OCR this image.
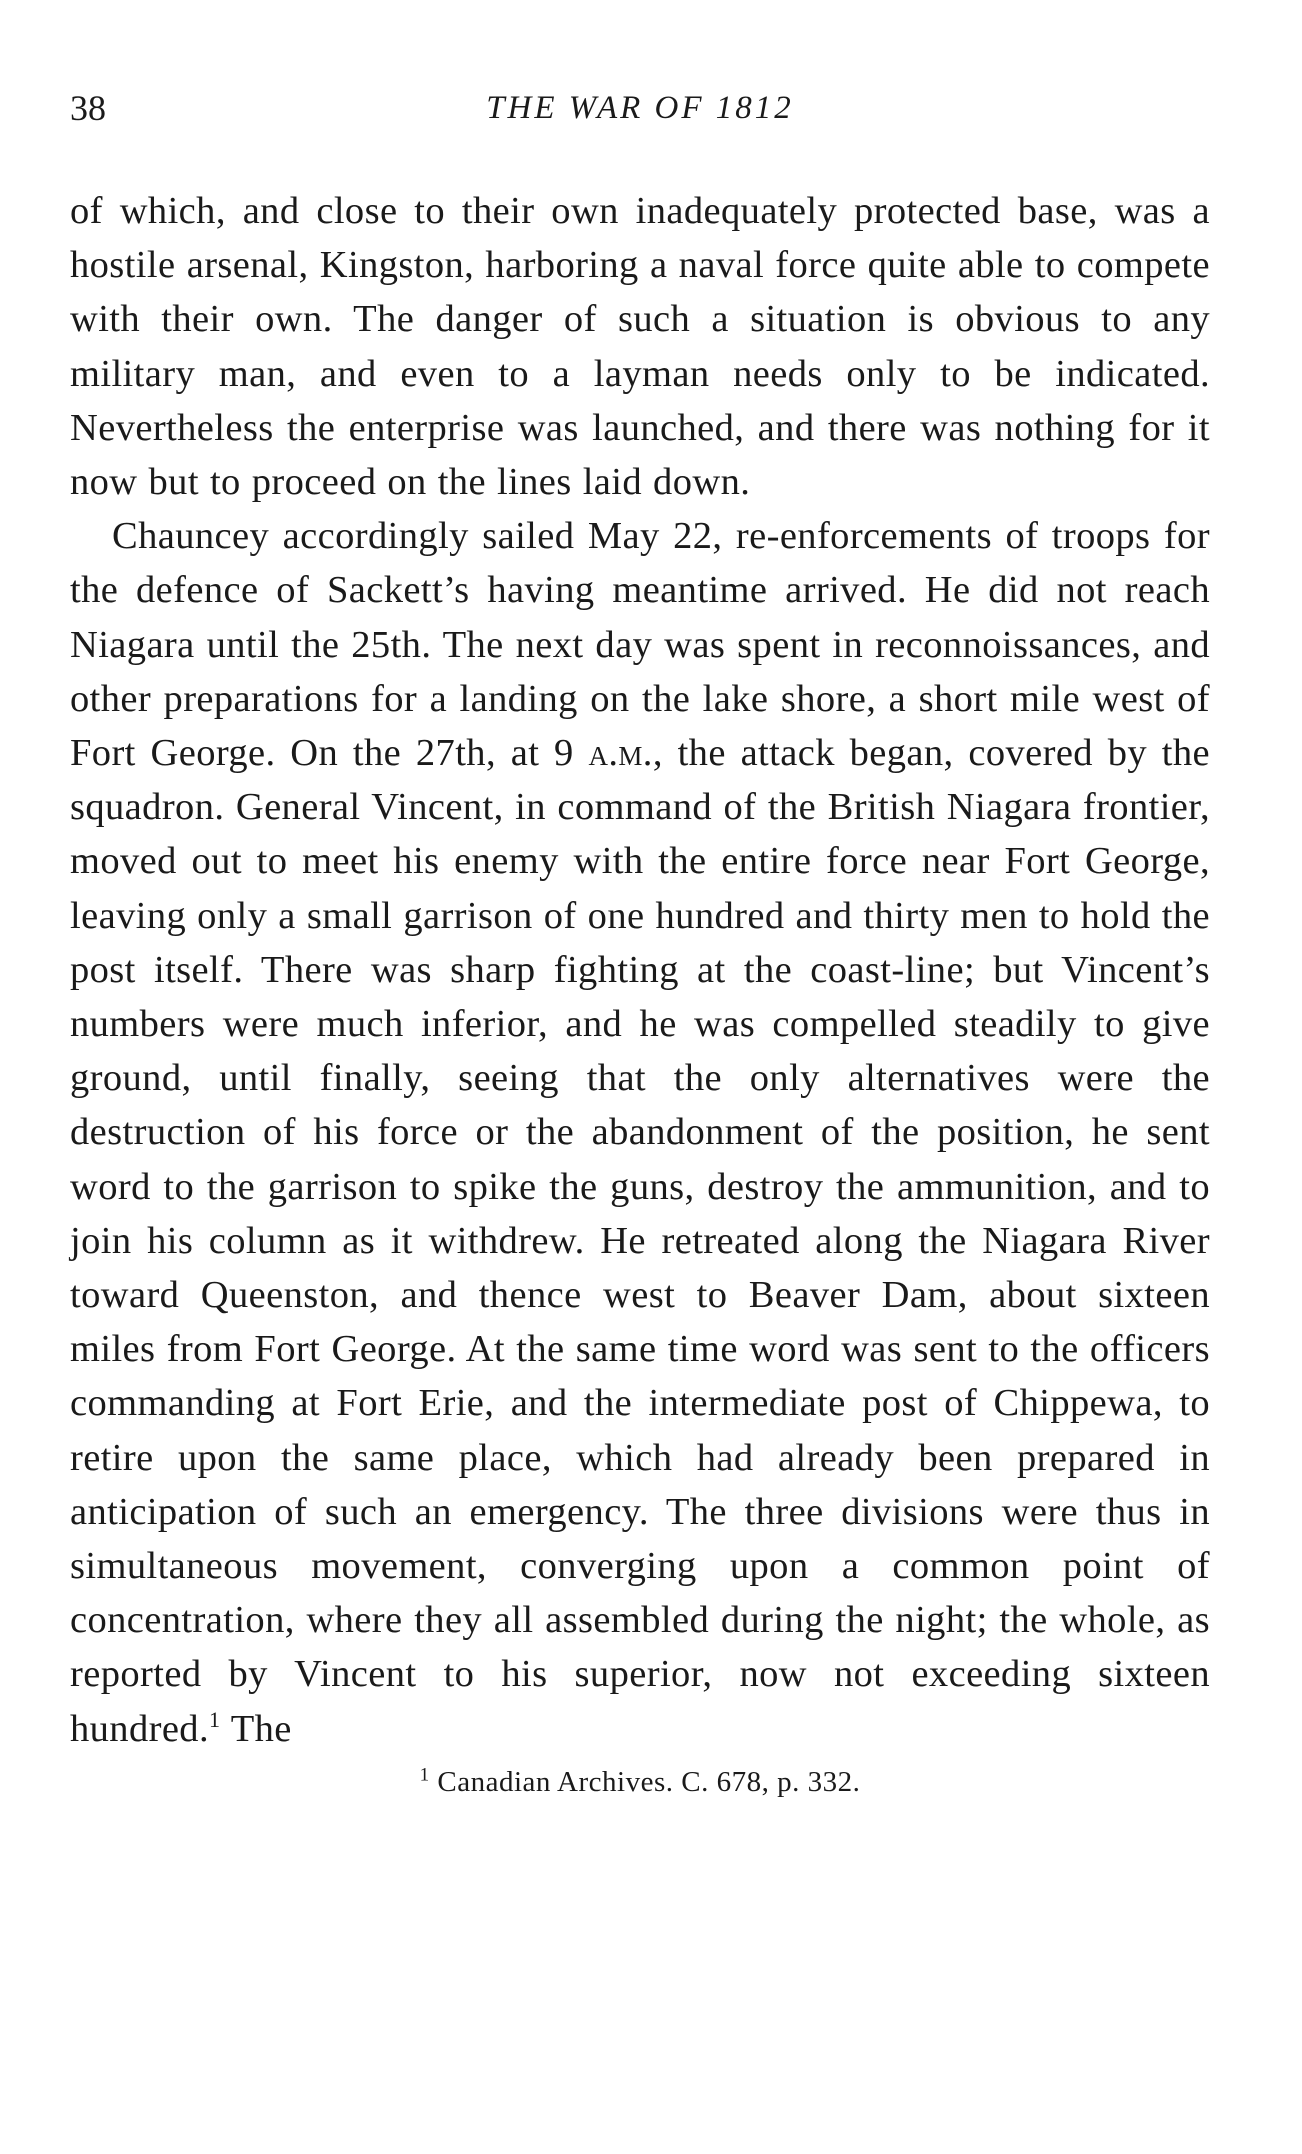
38	THE WAR OF 1812

of which, and close to their own inadequately protected base, was a hostile arsenal, Kingston, harboring a naval force quite able to compete with their own. The danger of such a situation is obvious to any military man, and even to a layman needs only to be indicated. Nevertheless the enterprise was launched, and there was nothing for it now but to proceed on the lines laid down.

Chauncey accordingly sailed May 22, re-enforcements of troops for the defence of Sackett’s having meantime arrived. He did not reach Niagara until the 25th. The next day was spent in reconnoissances, and other preparations for a landing on the lake shore, a short mile west of Fort George. On the 27th, at 9 a.m., the attack began, covered by the squadron. General Vincent, in command of the British Niagara frontier, moved out to meet his enemy with the entire force near Fort George, leaving only a small garrison of one hundred and thirty men to hold the post itself. There was sharp fighting at the coast-line; but Vincent’s numbers were much inferior, and he was compelled steadily to give ground, until finally, seeing that the only alternatives were the destruction of his force or the abandonment of the position, he sent word to the garrison to spike the guns, destroy the ammunition, and to join his column as it withdrew. He retreated along the Niagara River toward Queenston, and thence west to Beaver Dam, about sixteen miles from Fort George. At the same time word was sent to the officers commanding at Fort Erie, and the intermediate post of Chippewa, to retire upon the same place, which had already been prepared in anticipation of such an emergency. The three divisions were thus in simultaneous movement, converging upon a common point of concentration, where they all assembled during the night; the whole, as reported by Vincent to his superior, now not exceeding sixteen hundred.$^1$ The

$^1$ Canadian Archives. C. 678, p. 332.
